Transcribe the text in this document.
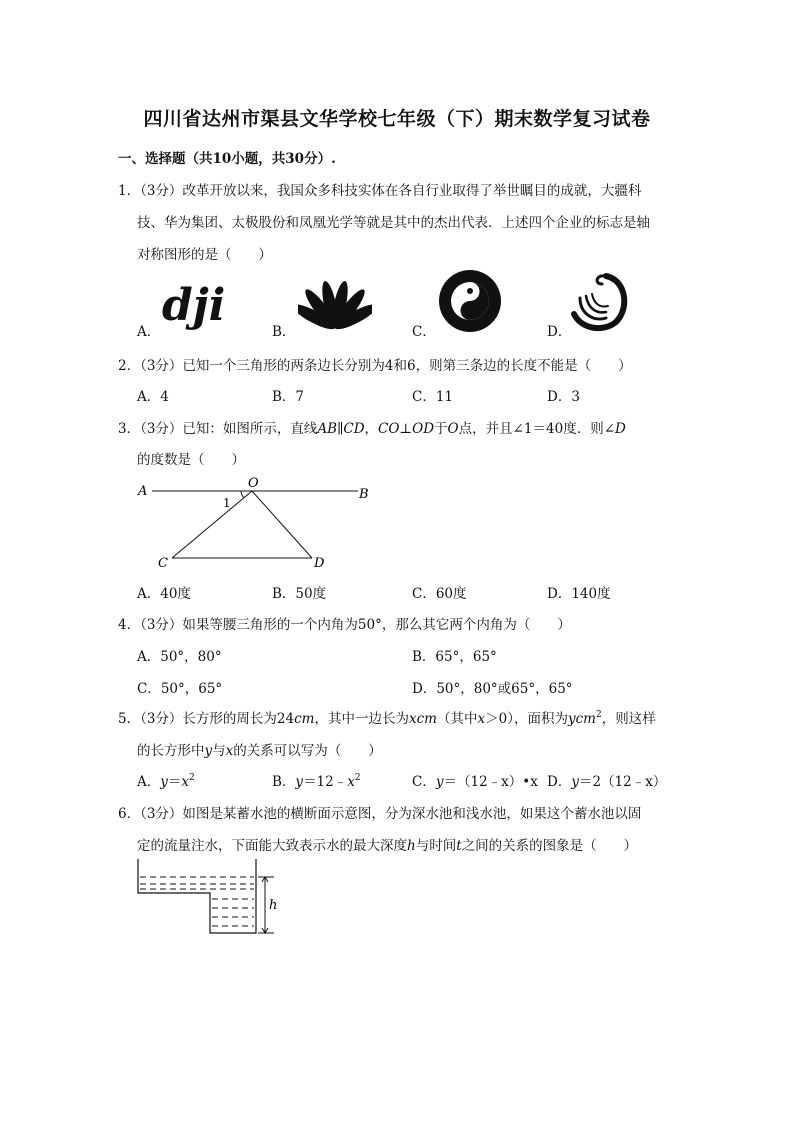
四川省达州市渠县文华学校七年级（下）期末数学复习试卷
一、选择题（共10小题，共30分）.
1．（3分）改革开放以来，我国众多科技实体在各自行业取得了举世瞩目的成就，大疆科
技、华为集团、太极股份和凤凰光学等就是其中的杰出代表．上述四个企业的标志是轴
对称图形的是（　　）
A．
dji
B．	C．	D．
2．（3分）已知一个三角形的两条边长分别为4和6，则第三条边的长度不能是（　　）
A．4	B．7	C．11	D．3
3．（3分）已知：如图所示，直线AB∥CD，CO⊥OD于O点，并且∠1＝40度．则∠D
的度数是（　　）
A	B
O
1
C	D
A．40度	B．50度	C．60度	D．140度
4．（3分）如果等腰三角形的一个内角为50°，那么其它两个内角为（　　）
A．50°，80°	B．65°，65°
C．50°，65°	D．50°，80°或65°，65°
5．（3分）长方形的周长为24cm，其中一边长为xcm（其中x＞0），面积为ycm$^2$，则这样
的长方形中y与x的关系可以写为（　　）
A．$y=x^2$	B．$y=12﹣x^2$	C．y＝（12﹣x）•x D．y＝2（12﹣x）
6．（3分）如图是某蓄水池的横断面示意图，分为深水池和浅水池，如果这个蓄水池以固
定的流量注水，下面能大致表示水的最大深度h与时间t之间的关系的图象是（　　）
h
